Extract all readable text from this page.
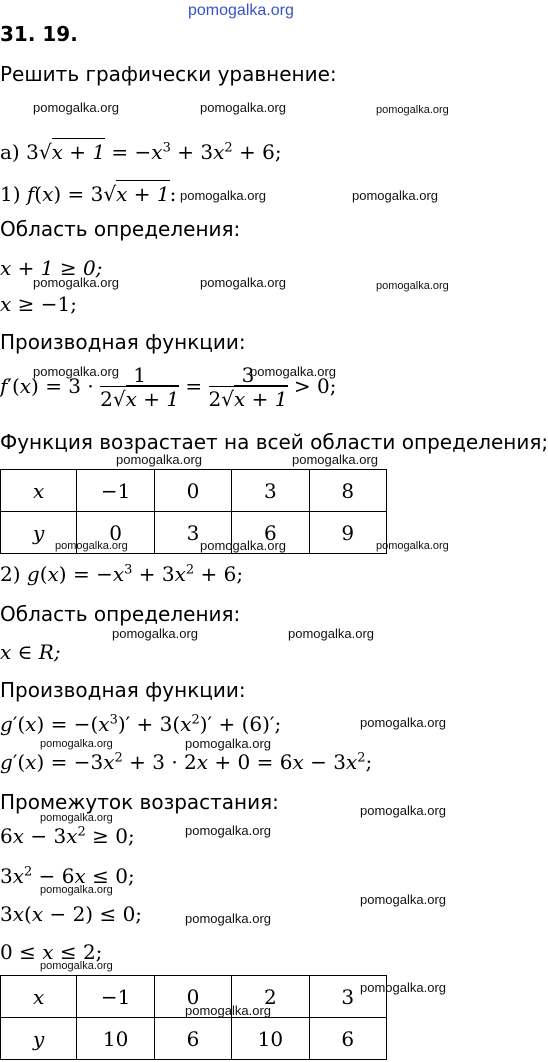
pomogalka.org
31. 19.
Решить графически уравнение:
pomogalka.org	pomogalka.org	pomogalka.org
а) $3√x + 1 = -x^3 + 3x^2 + 6$;
1) f(x) = 3√x + 1: pomogalka.org	pomogalka.org
Область определения:
x + 1 ≥ 0;
pomogalka.org	pomogalka.org	pomogalka.org
x ≥ −1;
Производная функции:
pomogalka.org	pomogalka.org
$f'(x) = 3 \cdot \frac{1}{2√x + 1} = \frac{3}{2√x + 1} > 0$;
Функция возрастает на всей области определения;
pomogalka.org	pomogalka.org
x	−1	0	3	8
y	0	3	6	9
pomogalka.org	pomogalka.org	pomogalka.org
2) $g(x) = -x^3 + 3x^2 + 6$;
Область определения:
pomogalka.org	pomogalka.org
x ∈ R;
Производная функции:
$g'(x) = -(x^3)' + 3(x^2)' + (6)'$;	pomogalka.org
pomogalka.org	pomogalka.org
$g'(x) = -3x^2 + 3 \cdot 2x + 0 = 6x - 3x^2$;
Промежуток возрастания:	pomogalka.org
pomogalka.org
$6x - 3x^2 \ge 0$;	pomogalka.org
$3x^2 - 6x \le 0$;
pomogalka.org
pomogalka.org
3x(x − 2) ≤ 0;	pomogalka.org
0 ≤ x ≤ 2;
pomogalka.org
x	−1	0	2	3
y	10	6	10	6
pomogalka.org
pomogalka.org
